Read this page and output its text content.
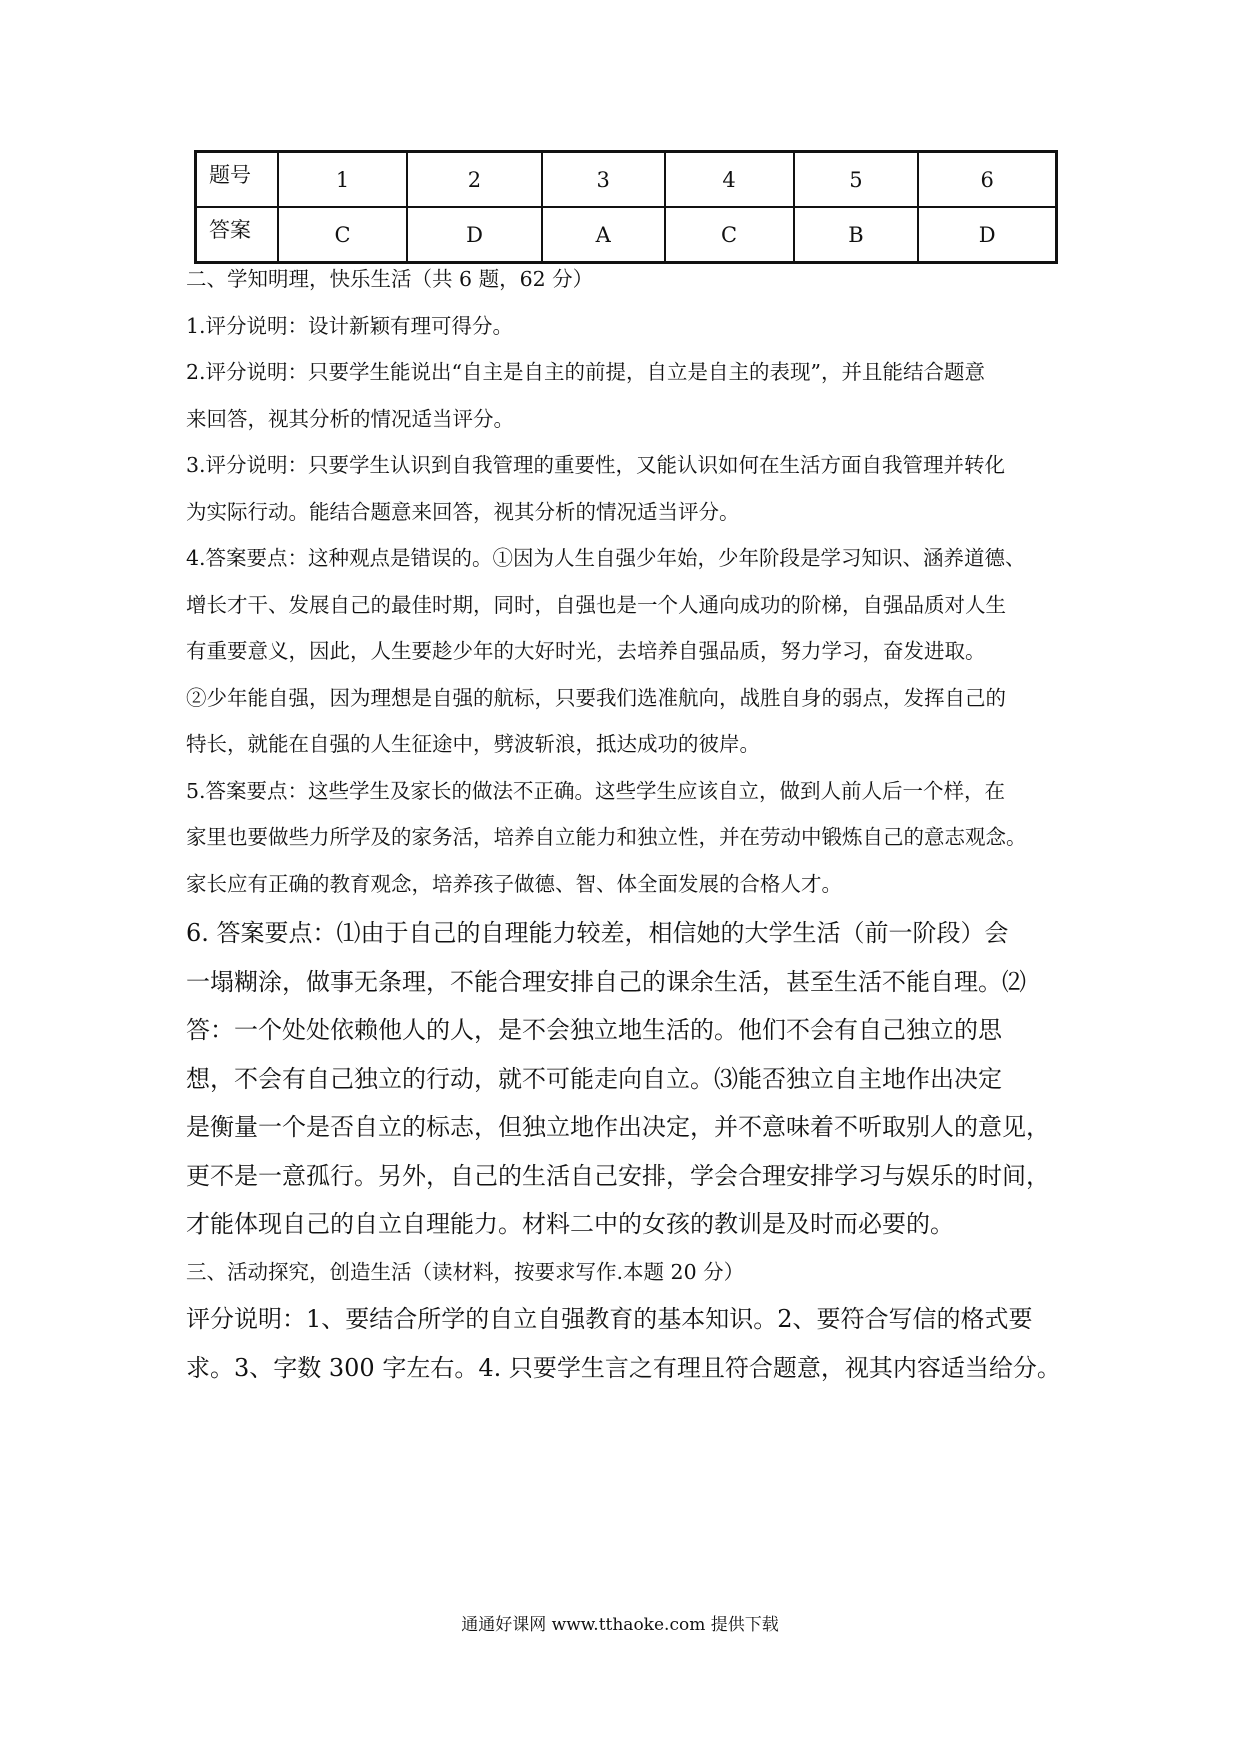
题号	1	2	3	4	5	6
答案	C	D	A	C	B	D

二、学知明理，快乐生活（共 6 题，62 分）

1.评分说明：设计新颖有理可得分。

2.评分说明：只要学生能说出“自主是自主的前提，自立是自主的表现”，并且能结合题意

来回答，视其分析的情况适当评分。

3.评分说明：只要学生认识到自我管理的重要性，又能认识如何在生活方面自我管理并转化

为实际行动。能结合题意来回答，视其分析的情况适当评分。

4.答案要点：这种观点是错误的。①因为人生自强少年始，少年阶段是学习知识、涵养道德、

增长才干、发展自己的最佳时期，同时，自强也是一个人通向成功的阶梯，自强品质对人生

有重要意义，因此，人生要趁少年的大好时光，去培养自强品质，努力学习，奋发进取。

②少年能自强，因为理想是自强的航标，只要我们选准航向，战胜自身的弱点，发挥自己的

特长，就能在自强的人生征途中，劈波斩浪，抵达成功的彼岸。

5.答案要点：这些学生及家长的做法不正确。这些学生应该自立，做到人前人后一个样，在

家里也要做些力所学及的家务活，培养自立能力和独立性，并在劳动中锻炼自己的意志观念。

家长应有正确的教育观念，培养孩子做德、智、体全面发展的合格人才。

6. 答案要点：⑴由于自己的自理能力较差，相信她的大学生活（前一阶段）会

一塌糊涂，做事无条理，不能合理安排自己的课余生活，甚至生活不能自理。⑵

答：一个处处依赖他人的人，是不会独立地生活的。他们不会有自己独立的思

想，不会有自己独立的行动，就不可能走向自立。⑶能否独立自主地作出决定

是衡量一个是否自立的标志，但独立地作出决定，并不意味着不听取别人的意见，

更不是一意孤行。另外，自己的生活自己安排，学会合理安排学习与娱乐的时间，

才能体现自己的自立自理能力。材料二中的女孩的教训是及时而必要的。

三、活动探究，创造生活（读材料，按要求写作.本题 20 分）

评分说明：1、要结合所学的自立自强教育的基本知识。2、要符合写信的格式要

求。3、字数 300 字左右。4. 只要学生言之有理且符合题意，视其内容适当给分。

通通好课网 www.tthaoke.com 提供下载
